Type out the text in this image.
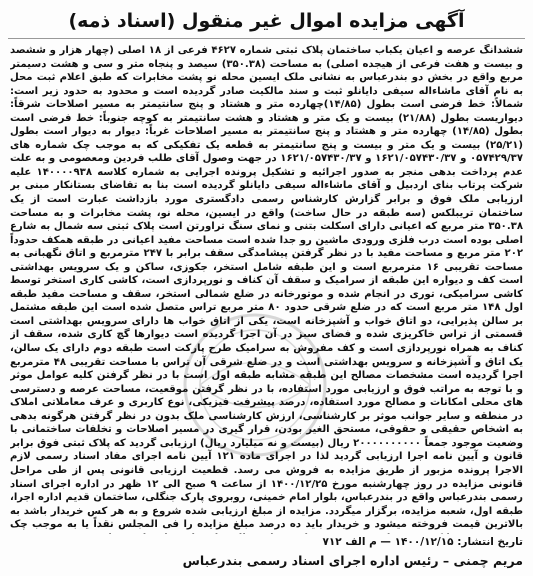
آگهی مزایده اموال غیر منقول (اسناد ذمه)
ششدانگ عرصه و اعیان یکباب ساختمان پلاک ثبتی شماره ۴۶۲۷ فرعی از ۱۸ اصلی (چهار هزار و ششصد و بیست و هفت فرعی از هیجده اصلی) به مساحت (۳۵۰.۳۸) سیصد و پنجاه متر و سی و هشت دسیمتر مربع واقع در بخش دو بندرعباس به نشانی ملک ایسین محله نو پشت مخابرات که طبق اعلام ثبت محل به نام آقای ماشاءاله سیفی دایانلو ثبت و سند مالکیت صادر گردیده است و محدود به حدود زیر است: شمالاً: خط فرضی است بطول (۱۴/۸۵)چهارده متر و هشتاد و پنج سانتیمتر به مسیر اصلاحات شرقاً: دیواریست بطول (۲۱/۸۸) بیست و یک متر و هشتاد و هشت سانتیمتر به کوچه جنوباً: خط فرضی است بطول (۱۴/۸۵) چهارده متر و هشتاد و پنج سانتیمتر به مسیر اصلاحات غرباً: دیوار به دیوار است بطول (۲۵/۲۱) بیست و یک متر و بیست و پنج سانتیمتر به قطعه یک تفکیکی که به موجب چک شماره های ۰۵۷۴۲۹/۳۷ و ۱۶۲۱/۰۵۷۴۳۰/۳۷ و ۱۶۲۱/۰۵۷۴۳۰/۳۷ در جهت وصول آقای طلب فردین ومعصومی و به علت عدم پرداخت بدهی منجر به صدور اجرائیه و تشکیل پرونده اجرایی به شماره کلاسه ۱۴۰۰۰۰۹۳۸ علیه شرکت پرتاب بنای اردبیل و آقای ماشاءاله سیفی دایانلو گردیده است بنا به تقاضای بستانکار مبنی بر ارزیابی ملک فوق و برابر گزارش کارشناس رسمی دادگستری مورد بازداشت عبارت است از یک ساختمان تریبلکس (سه طبقه در حال ساخت) واقع در ایسین، محله نو، پشت مخابرات و به مساحت ۳۵۰.۳۸ متر مربع که اعیانی دارای اسکلت بتنی و نمای سنگ تراورتن است پلاک ثبتی سه شمال به شارع اصلی بوده است درب فلزی ورودی ماشین رو جدا شده است مساحت مفید اعیانی در طبقه همکف حدوداً ۲۰۲ متر مربع و مساحت مفید با در نظر گرفتن پیشامدگی سقف برابر با ۲۴۷ مترمربع و اتاق نگهبانی به مساحت تقریبی ۱۶ مترمربع است و این طبقه شامل استخر، جکوزی، ساکن و یک سرویس بهداشتی است کف و دیواره این طبقه از سرامیک و سقف آن کناف و نورپردازی است، کاشی کاری استخر توسط کاشی سرامیکی، توری در انجام شده و موتورخانه در ضلع شمالی استخر، سقف و مساحت مفید طبقه اول ۱۴۸ متر مربع است که در ضلع شرقی حدود ۸۰ متر مربع تراس متصل شده است این طبقه مشتمل بر سالن پذیرایی، دو اتاق خواب و آشپزخانه است، یکی از اتاق خواب ها دارای سرویس بهداشتی است قسمتی از تراس خاکریزی شده و فضای سبز در آن اجرا گردیده است دیوارها گچ کاری شده، سقف از کناف به همراه نورپردازی است و کف مفروش به سرامیک طرح پارکت است طبقه دوم دارای یک سالن، یک اتاق و آشپزخانه و سرویس بهداشتی است و در ضلع شرقی آن تراس با مساحت تقریبی ۴۸ مترمربع اجرا گردیده است مشخصات مصالح این طبقه مشابه طبقه اول است با در نظر گرفتن کلیه عوامل موثر و با توجه به مراتب فوق و ارزیابی مورد استفاده، با در نظر گرفتن موقعیت، مساحت عرصه و دسترسی های محلی امکانات و مصالح مورد استفاده، درصد پیشرفت فیزیکی، نوع کاربری و عرف معاملاتی املاک در منطقه و سایر جوانب موثر بر کارشناسی، ارزش کارشناسی ملک بدون در نظر گرفتن هرگونه بدهی به اشخاص حقیقی و حقوقی، مستحق الغیر بودن، قرار گیری در مسیر اصلاحات و تخلفات ساختمانی با وضعیت موجود جمعاً ۲۰۰۰۰۰۰۰۰۰۰ ریال (بیست و نه میلیارد ریال) ارزیابی گردید که پلاک ثبتی فوق برابر قانون و آیین نامه اجرا ارزیابی گردید لذا در اجرای ماده ۱۲۱ آیین نامه اجرای مفاد اسناد رسمی لازم الاجرا پرونده مزبور از طریق مزایده به فروش می رسد. قطعیت ارزیابی قانونی پس از طی مراحل قانونی مزایده در روز چهارشنبه مورخ ۱۴۰۰/۱۲/۲۵ از ساعت ۹ صبح الی ۱۲ ظهر در اداره اجرای اسناد رسمی بندرعباس واقع در بندرعباس، بلوار امام خمینی، روبروی پارک جنگلی، ساختمان قدیم اداره اجرا، طبقه اول، شعبه مزایده، برگزار میگردد. مزایده از مبلغ ارزیابی شده شروع و به هر کس خریدار باشد به بالاترین قیمت فروخته میشود و خریدار باید ده درصد مبلغ مزایده را فی المجلس نقداً یا به موجب چک
تاریخ انتشار: ۱۴۰۰/۱۲/۱۵ — م الف ۷۱۲
مریم چمنی – رئیس اداره اجرای اسناد رسمی بندرعباس
